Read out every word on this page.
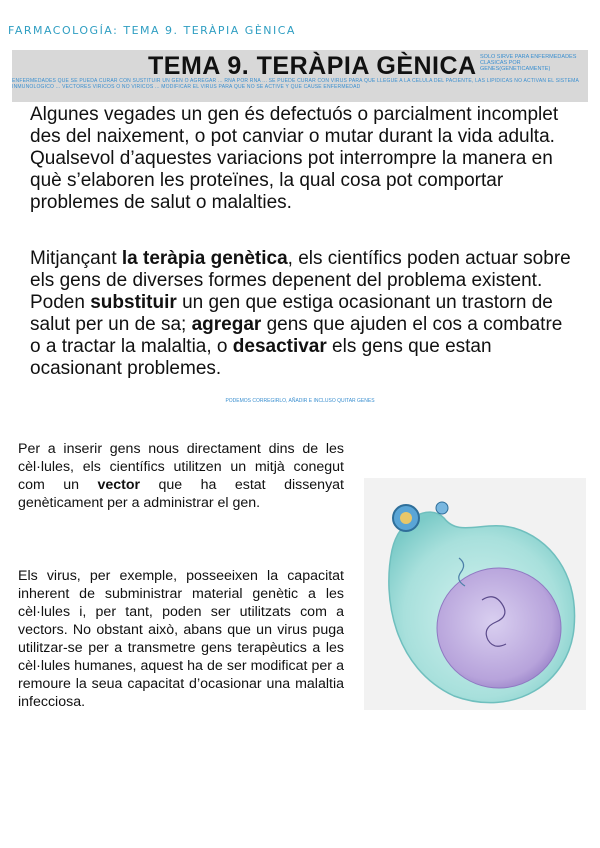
FARMACOLOGÍA: TEMA 9. TERÀPIA GÈNICA
TEMA 9. TERÀPIA GÈNICA SOLO SIRVE PARA ENFERMEDADES CLASICAS POR GENES(GENETICAMENTE)
ENFERMEDADES QUE SE PUEDA CURAR CON SUSTITUIR UN GEN O AGREGAR ... RNA POR RNA ... SE PUEDE CURAR CON VIRUS PARA QUE LLEGUE A LA CELULA DEL PACIENTE, LAS LIPIDICAS NO ACTIVAN EL SISTEMA INMUNOLOGICO ... VECTORES VIRICOS O NO VIRICOS ... MODIFICAR EL VIRUS PARA QUE NO SE ACTIVE Y QUE CAUSE ENFERMEDAD
Algunes vegades un gen és defectuós o parcialment incomplet des del naixement, o pot canviar o mutar durant la vida adulta. Qualsevol d’aquestes variacions pot interrompre la manera en què s’elaboren les proteïnes, la qual cosa pot comportar problemes de salut o malalties.
Mitjançant la teràpia genètica, els científics poden actuar sobre els gens de diverses formes depenent del problema existent. Poden substituir un gen que estiga ocasionant un trastorn de salut per un de sa; agregar gens que ajuden el cos a combatre o a tractar la malaltia, o desactivar els gens que estan ocasionant problemes.
PODEMOS CORREGIRLO, AÑADIR E INCLUSO QUITAR GENES
Per a inserir gens nous directament dins de les cèl·lules, els científics utilitzen un mitjà conegut com un vector que ha estat dissenyat genèticament per a administrar el gen.
Els virus, per exemple, posseeixen la capacitat inherent de subministrar material genètic a les cèl·lules i, per tant, poden ser utilitzats com a vectors. No obstant això, abans que un virus puga utilitzar-se per a transmetre gens terapèutics a les cèl·lules humanes, aquest ha de ser modificat per a remoure la seua capacitat d’ocasionar una malaltia infecciosa.
